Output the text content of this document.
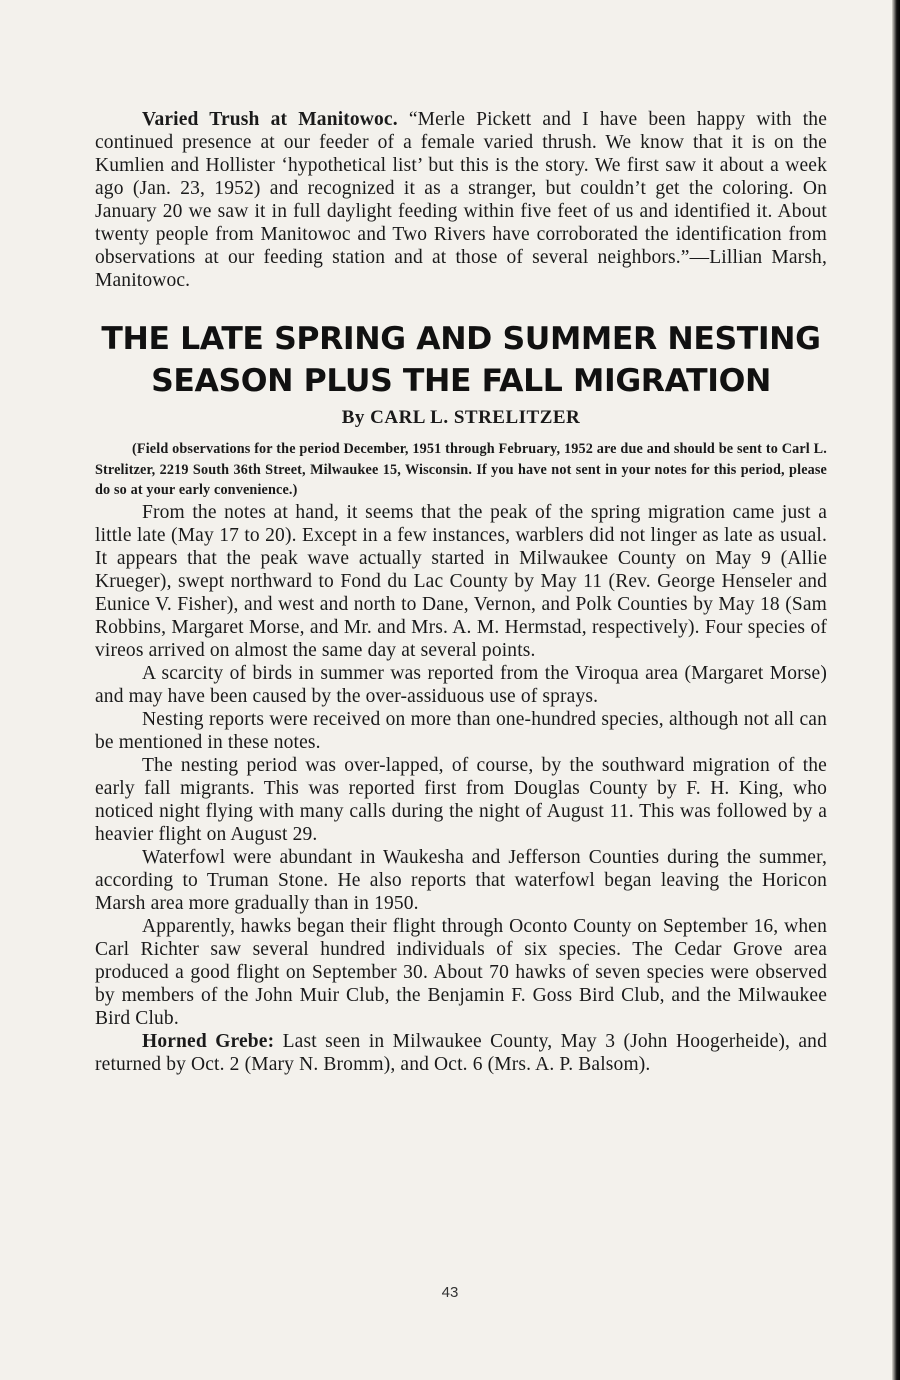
Varied Trush at Manitowoc. “Merle Pickett and I have been happy with the continued presence at our feeder of a female varied thrush. We know that it is on the Kumlien and Hollister ‘hypothetical list’ but this is the story. We first saw it about a week ago (Jan. 23, 1952) and recognized it as a stranger, but couldn’t get the coloring. On January 20 we saw it in full daylight feeding within five feet of us and identified it. About twenty people from Manitowoc and Two Rivers have corroborated the identification from observations at our feeding station and at those of several neighbors.”—Lillian Marsh, Manitowoc.

THE LATE SPRING AND SUMMER NESTING
SEASON PLUS THE FALL MIGRATION
By CARL L. STRELITZER

(Field observations for the period December, 1951 through February, 1952 are due and should be sent to Carl L. Strelitzer, 2219 South 36th Street, Milwaukee 15, Wisconsin. If you have not sent in your notes for this period, please do so at your early convenience.)

From the notes at hand, it seems that the peak of the spring migration came just a little late (May 17 to 20). Except in a few instances, warblers did not linger as late as usual. It appears that the peak wave actually started in Milwaukee County on May 9 (Allie Krueger), swept northward to Fond du Lac County by May 11 (Rev. George Henseler and Eunice V. Fisher), and west and north to Dane, Vernon, and Polk Counties by May 18 (Sam Robbins, Margaret Morse, and Mr. and Mrs. A. M. Hermstad, respectively). Four species of vireos arrived on almost the same day at several points.

A scarcity of birds in summer was reported from the Viroqua area (Margaret Morse) and may have been caused by the over-assiduous use of sprays.

Nesting reports were received on more than one-hundred species, although not all can be mentioned in these notes.

The nesting period was over-lapped, of course, by the southward migration of the early fall migrants. This was reported first from Douglas County by F. H. King, who noticed night flying with many calls during the night of August 11. This was followed by a heavier flight on August 29.

Waterfowl were abundant in Waukesha and Jefferson Counties during the summer, according to Truman Stone. He also reports that waterfowl began leaving the Horicon Marsh area more gradually than in 1950.

Apparently, hawks began their flight through Oconto County on September 16, when Carl Richter saw several hundred individuals of six species. The Cedar Grove area produced a good flight on September 30. About 70 hawks of seven species were observed by members of the John Muir Club, the Benjamin F. Goss Bird Club, and the Milwaukee Bird Club.

Horned Grebe: Last seen in Milwaukee County, May 3 (John Hoogerheide), and returned by Oct. 2 (Mary N. Bromm), and Oct. 6 (Mrs. A. P. Balsom).

43
